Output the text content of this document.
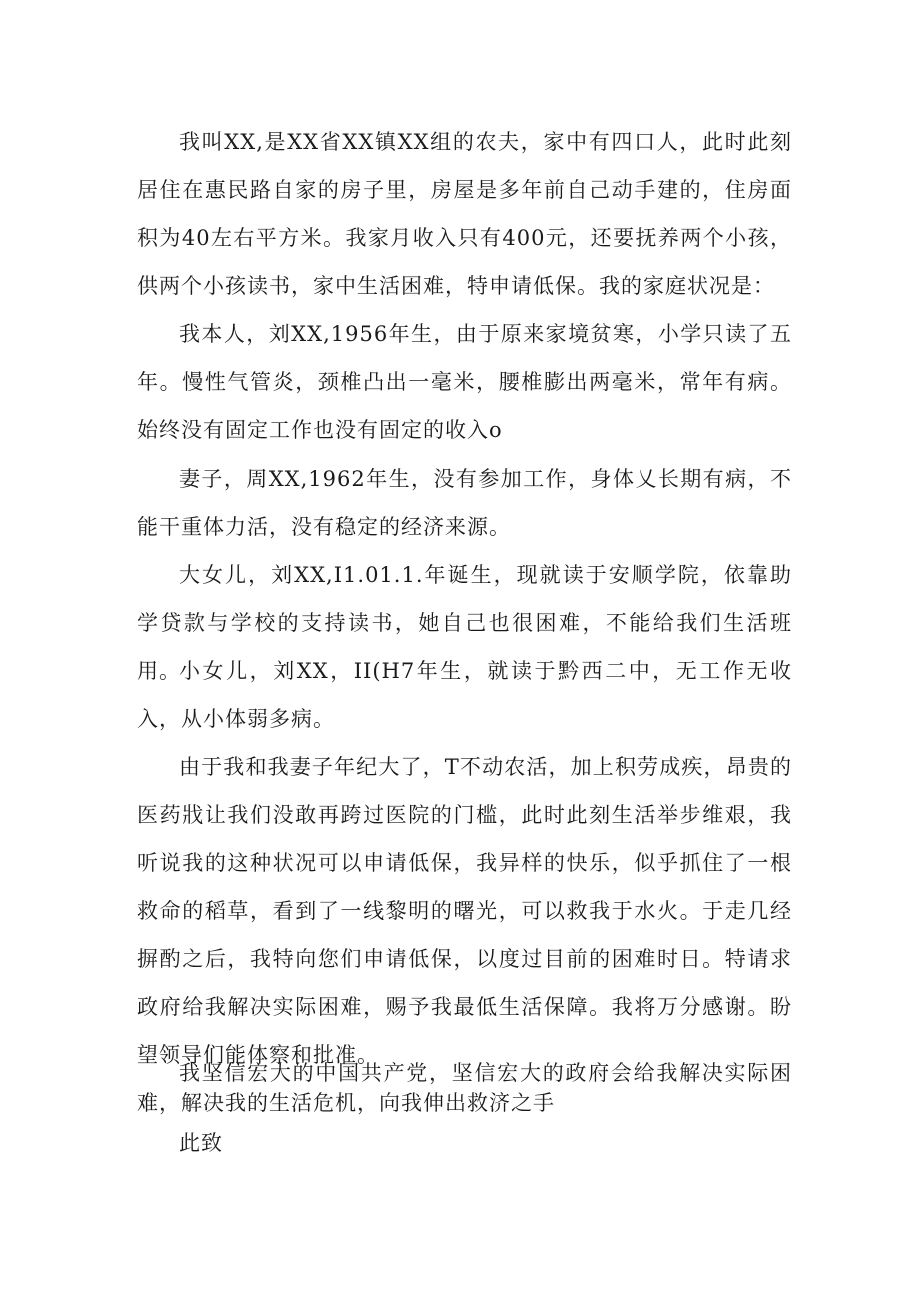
我叫XX,是XX省XX镇XX组的农夫，家中有四口人，此时此刻居住在惠民路自家的房子里，房屋是多年前自己动手建的，住房面积为40左右平方米。我家月收入只有400元，还要抚养两个小孩，供两个小孩读书，家中生活困难，特申请低保。我的家庭状况是：

我本人，刘XX,1956年生，由于原来家境贫寒，小学只读了五年。慢性气管炎，颈椎凸出一毫米，腰椎膨出两毫米，常年有病。始终没有固定工作也没有固定的收入o

妻子，周XX,1962年生，没有参加工作，身体乂长期有病，不能干重体力活，没有稳定的经济来源。

大女儿，刘XX,I1.01.1.年诞生，现就读于安顺学院，依靠助学贷款与学校的支持读书，她自己也很困难，不能给我们生活班用。

小女儿，刘XX，II(H7年生，就读于黔西二中，无工作无收入，从小体弱多病。

由于我和我妻子年纪大了，T不动农活，加上积劳成疾，昂贵的医药戕让我们没敢再跨过医院的门槛，此时此刻生活举步维艰，我听说我的这种状况可以申请低保，我异样的快乐，似乎抓住了一根救命的稻草，看到了一线黎明的曙光，可以救我于水火。于走几经摒酌之后，我特向您们申请低保，以度过目前的困难时日。特请求政府给我解决实际困难，赐予我最低生活保障。我将万分感谢。盼望领导们能体察和批准。

我坚信宏大的中国共产党，坚信宏大的政府会给我解决实际困难，解决我的生活危机，向我伸出救济之手

此致
